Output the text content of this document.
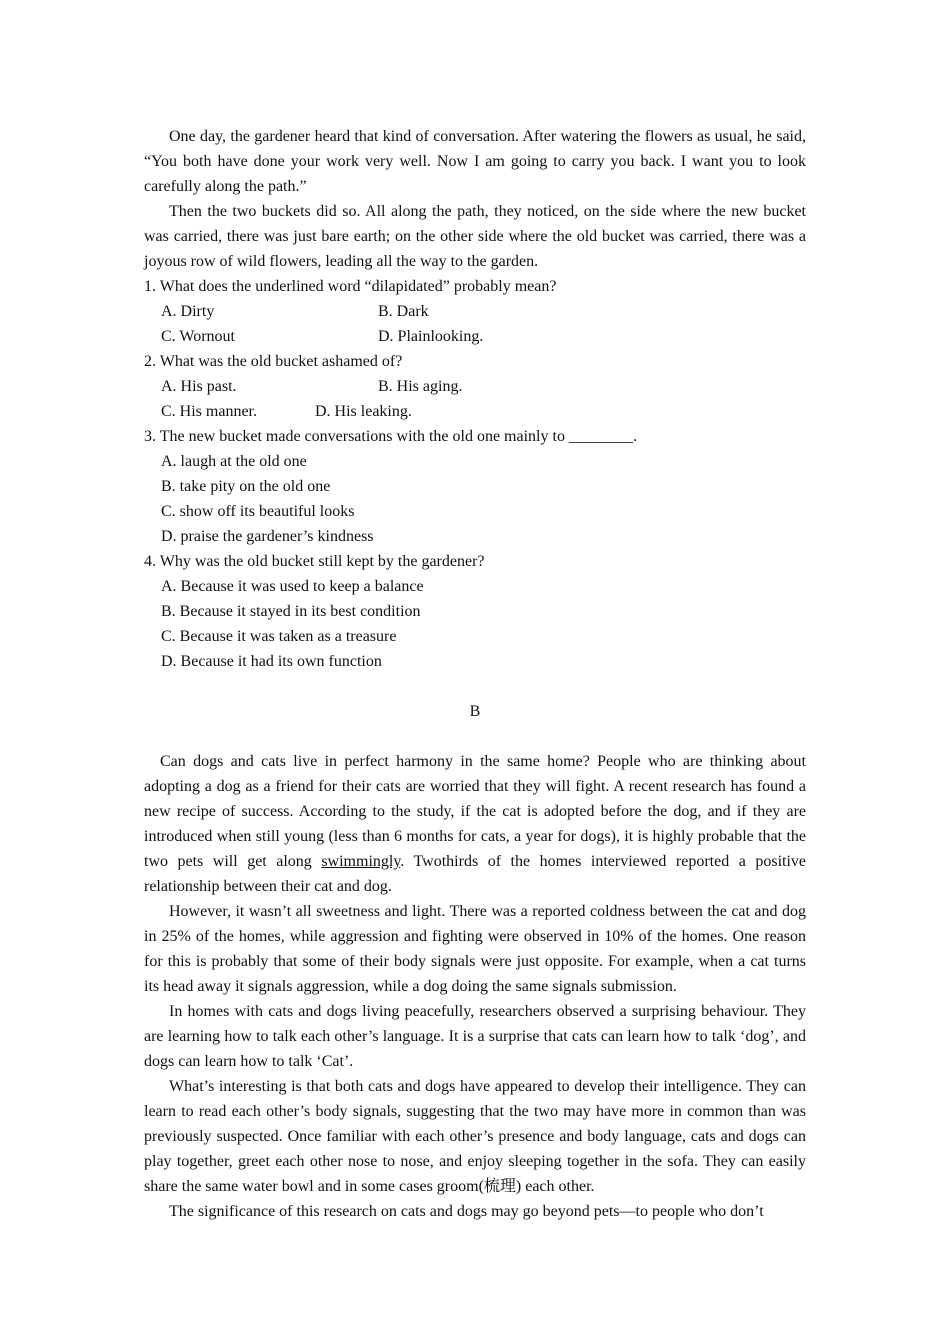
One day, the gardener heard that kind of conversation. After watering the flowers as usual, he said, “You both have done your work very well. Now I am going to carry you back. I want you to look carefully along the path.”

Then the two buckets did so. All along the path, they noticed, on the side where the new bucket was carried, there was just bare earth; on the other side where the old bucket was carried, there was a joyous row of wild flowers, leading all the way to the garden.

1. What does the underlined word “dilapidated” probably mean?

A. Dirty	B. Dark
C. Wornout	D. Plainlooking.

2. What was the old bucket ashamed of?

A. His past.	B. His aging.
C. His manner.	D. His leaking.

3. The new bucket made conversations with the old one mainly to ________.

A. laugh at the old one

B. take pity on the old one

C. show off its beautiful looks

D. praise the gardener’s kindness

4. Why was the old bucket still kept by the gardener?

A. Because it was used to keep a balance

B. Because it stayed in its best condition

C. Because it was taken as a treasure

D. Because it had its own function

B

Can dogs and cats live in perfect harmony in the same home? People who are thinking about adopting a dog as a friend for their cats are worried that they will fight. A recent research has found a new recipe of success. According to the study, if the cat is adopted before the dog, and if they are introduced when still young (less than 6 months for cats, a year for dogs), it is highly probable that the two pets will get along swimmingly. Twothirds of the homes interviewed reported a positive relationship between their cat and dog.

However, it wasn’t all sweetness and light. There was a reported coldness between the cat and dog in 25% of the homes, while aggression and fighting were observed in 10% of the homes. One reason for this is probably that some of their body signals were just opposite. For example, when a cat turns its head away it signals aggression, while a dog doing the same signals submission.

In homes with cats and dogs living peacefully, researchers observed a surprising behaviour. They are learning how to talk each other’s language. It is a surprise that cats can learn how to talk ‘dog’, and dogs can learn how to talk ‘Cat’.

What’s interesting is that both cats and dogs have appeared to develop their intelligence. They can learn to read each other’s body signals, suggesting that the two may have more in common than was previously suspected. Once familiar with each other’s presence and body language, cats and dogs can play together, greet each other nose to nose, and enjoy sleeping together in the sofa. They can easily share the same water bowl and in some cases groom(梳理) each other.

The significance of this research on cats and dogs may go beyond pets—to people who don’t
